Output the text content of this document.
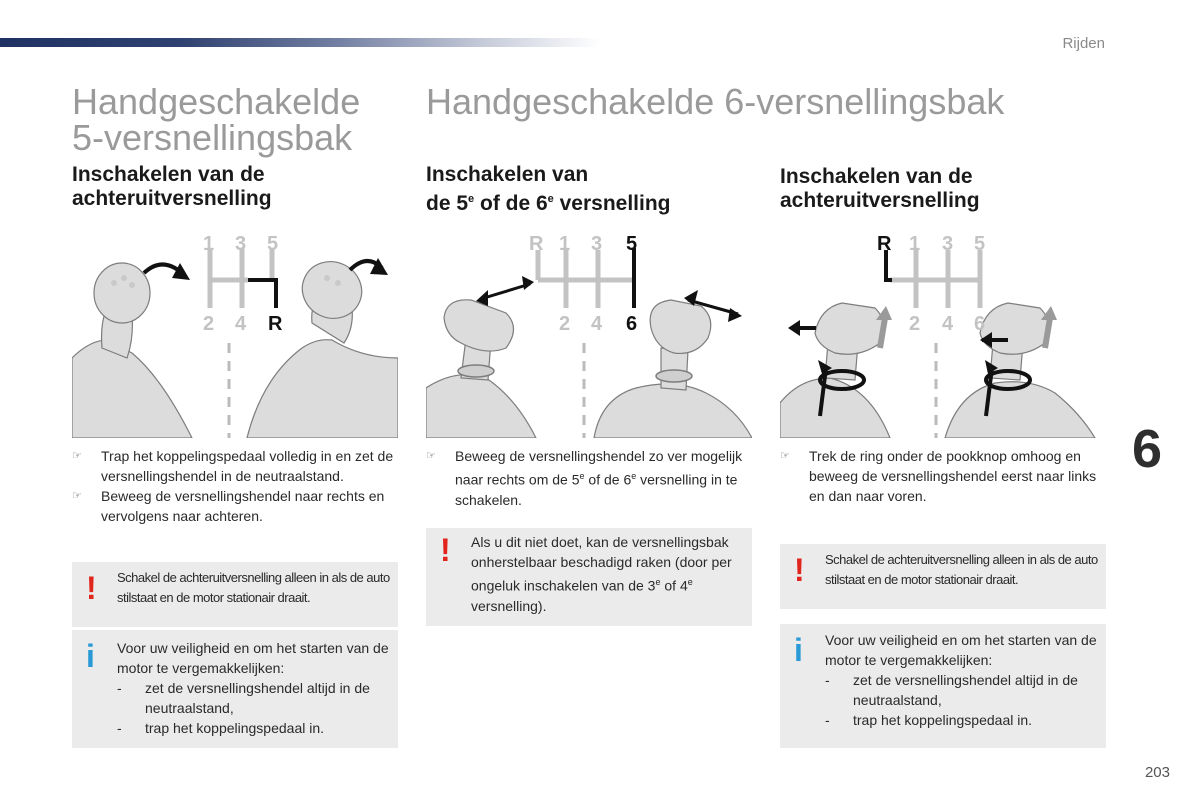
Rijden
Handgeschakelde
5-versnellingsbak
Inschakelen van de
achteruitversnelling
1 3 5
2 4 R
☞ Trap het koppelingspedaal volledig in en zet de versnellingshendel in de neutraalstand.
☞ Beweeg de versnellingshendel naar rechts en vervolgens naar achteren.
! Schakel de achteruitversnelling alleen in als de auto stilstaat en de motor stationair draait.
i Voor uw veiligheid en om het starten van de motor te vergemakkelijken:
-	zet de versnellingshendel altijd in de neutraalstand,
-	trap het koppelingspedaal in.
Handgeschakelde 6-versnellingsbak
Inschakelen van
de 5e of de 6e versnelling
R 1 3 5
2 4 6
☞ Beweeg de versnellingshendel zo ver mogelijk naar rechts om de 5e of de 6e versnelling in te schakelen.
! Als u dit niet doet, kan de versnellingsbak onherstelbaar beschadigd raken (door per ongeluk inschakelen van de 3e of 4e versnelling).
Inschakelen van de
achteruitversnelling
R 1 3 5
2 4 6
☞ Trek de ring onder de pookknop omhoog en beweeg de versnellingshendel eerst naar links en dan naar voren.
! Schakel de achteruitversnelling alleen in als de auto stilstaat en de motor stationair draait.
i Voor uw veiligheid en om het starten van de motor te vergemakkelijken:
-	zet de versnellingshendel altijd in de neutraalstand,
-	trap het koppelingspedaal in.
6
203
